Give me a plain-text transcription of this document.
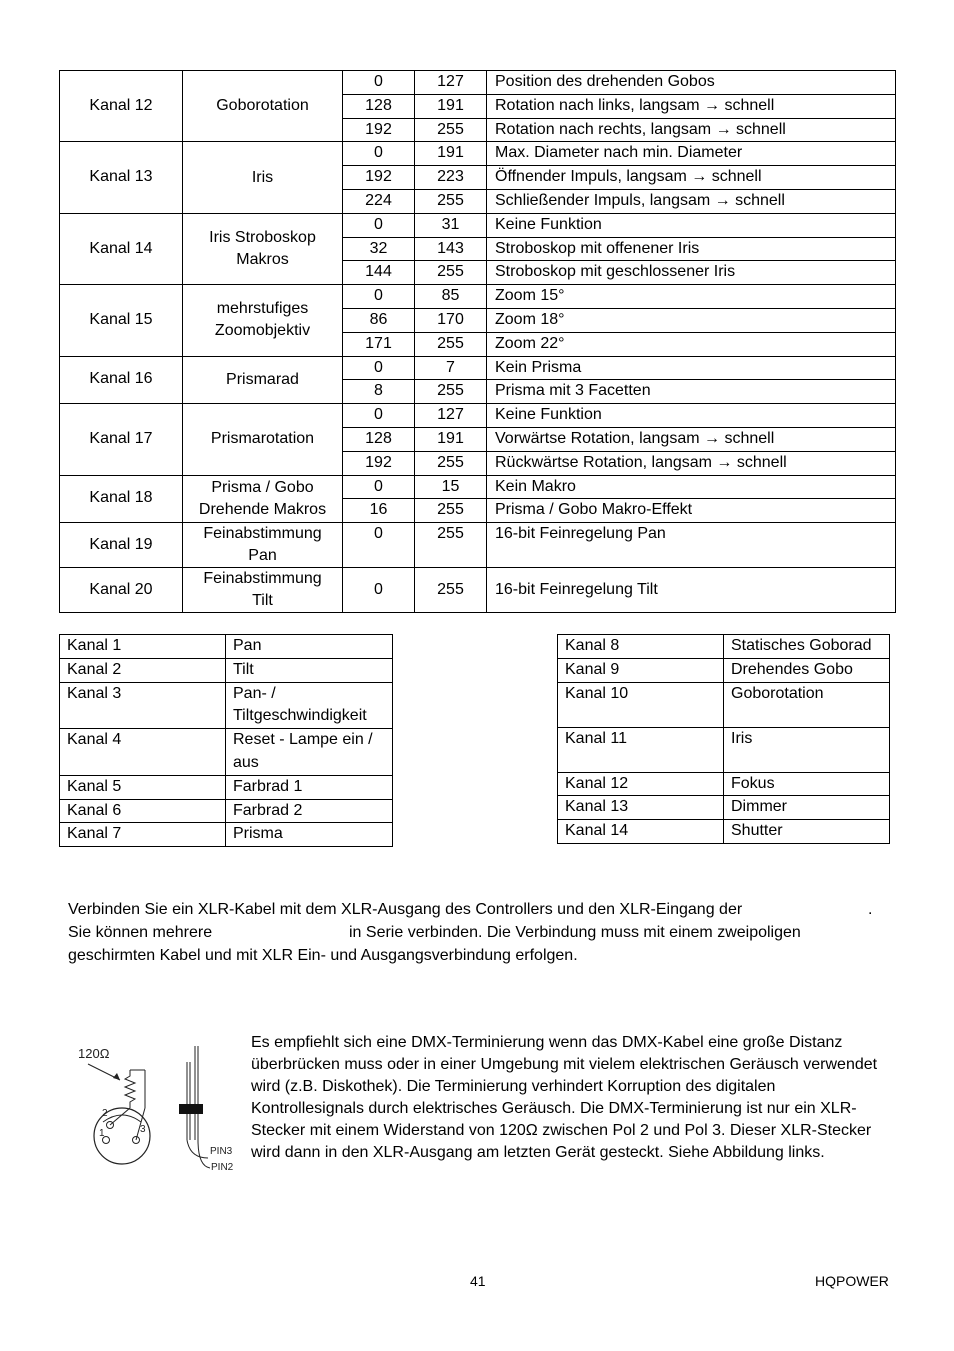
Kanal 12	Goborotation	0	127	Position des drehenden Gobos
		128	191	Rotation nach links, langsam → schnell
		192	255	Rotation nach rechts, langsam → schnell
Kanal 13	Iris	0	191	Max. Diameter nach min. Diameter
		192	223	Öffnender Impuls, langsam → schnell
		224	255	Schließender Impuls, langsam → schnell
Kanal 14	Iris Stroboskop Makros	0	31	Keine Funktion
		32	143	Stroboskop mit offenener Iris
		144	255	Stroboskop mit geschlossener Iris
Kanal 15	mehrstufiges Zoomobjektiv	0	85	Zoom 15°
		86	170	Zoom 18°
		171	255	Zoom 22°
Kanal 16	Prismarad	0	7	Kein Prisma
		8	255	Prisma mit 3 Facetten
Kanal 17	Prismarotation	0	127	Keine Funktion
		128	191	Vorwärtse Rotation, langsam → schnell
		192	255	Rückwärtse Rotation, langsam → schnell
Kanal 18	Prisma / Gobo Drehende Makros	0	15	Kein Makro
		16	255	Prisma / Gobo Makro-Effekt
Kanal 19	Feinabstimmung Pan	0	255	16-bit Feinregelung Pan
Kanal 20	Feinabstimmung Tilt	0	255	16-bit Feinregelung Tilt
Kanal 1	Pan
Kanal 2	Tilt
Kanal 3	Pan- / Tiltgeschwindigkeit
Kanal 4	Reset - Lampe ein / aus
Kanal 5	Farbrad 1
Kanal 6	Farbrad 2
Kanal 7	Prisma
Kanal 8	Statisches Goborad
Kanal 9	Drehendes Gobo
Kanal 10	Goborotation
Kanal 11	Iris
Kanal 12	Fokus
Kanal 13	Dimmer
Kanal 14	Shutter

Verbinden Sie ein XLR-Kabel mit dem XLR-Ausgang des Controllers und den XLR-Eingang der	.

Sie können mehrere	in Serie verbinden. Die Verbindung muss mit einem zweipoligen

geschirmten Kabel und mit XLR Ein- und Ausgangsverbindung erfolgen.

120Ω
2
1	3
PIN3
PIN2
Es empfiehlt sich eine DMX-Terminierung wenn das DMX-Kabel eine große Distanz
überbrücken muss oder in einer Umgebung mit vielem elektrischen Geräusch verwendet
wird (z.B. Diskothek). Die Terminierung verhindert Korruption des digitalen
Kontrollesignals durch elektrisches Geräusch. Die DMX-Terminierung ist nur ein XLR-
Stecker mit einem Widerstand von 120Ω zwischen Pol 2 und Pol 3. Dieser XLR-Stecker
wird dann in den XLR-Ausgang am letzten Gerät gesteckt. Siehe Abbildung links.
41	HQPOWER
